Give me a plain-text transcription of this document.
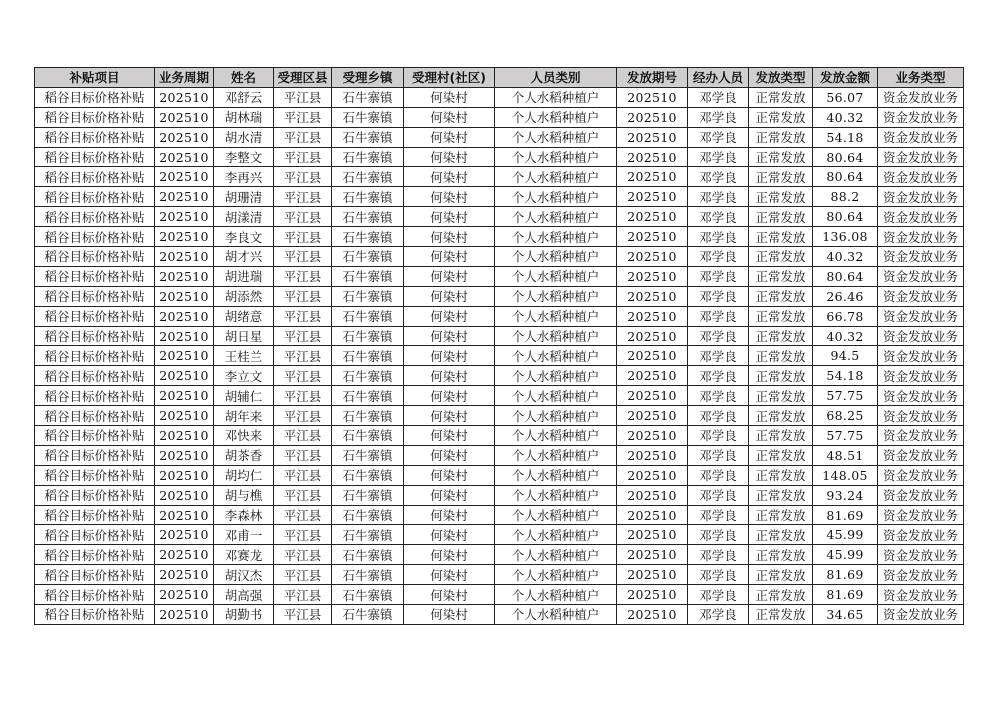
补贴项目	业务周期	姓名	受理区县	受理乡镇	受理村(社区)	人员类别	发放期号	经办人员	发放类型	发放金额	业务类型
稻谷目标价格补贴	202510	邓舒云	平江县	石牛寨镇	何染村	个人水稻种植户	202510	邓学良	正常发放	56.07	资金发放业务
稻谷目标价格补贴	202510	胡林瑞	平江县	石牛寨镇	何染村	个人水稻种植户	202510	邓学良	正常发放	40.32	资金发放业务
稻谷目标价格补贴	202510	胡水清	平江县	石牛寨镇	何染村	个人水稻种植户	202510	邓学良	正常发放	54.18	资金发放业务
稻谷目标价格补贴	202510	李整文	平江县	石牛寨镇	何染村	个人水稻种植户	202510	邓学良	正常发放	80.64	资金发放业务
稻谷目标价格补贴	202510	李再兴	平江县	石牛寨镇	何染村	个人水稻种植户	202510	邓学良	正常发放	80.64	资金发放业务
稻谷目标价格补贴	202510	胡珊清	平江县	石牛寨镇	何染村	个人水稻种植户	202510	邓学良	正常发放	88.2	资金发放业务
稻谷目标价格补贴	202510	胡漾清	平江县	石牛寨镇	何染村	个人水稻种植户	202510	邓学良	正常发放	80.64	资金发放业务
稻谷目标价格补贴	202510	李良文	平江县	石牛寨镇	何染村	个人水稻种植户	202510	邓学良	正常发放	136.08	资金发放业务
稻谷目标价格补贴	202510	胡才兴	平江县	石牛寨镇	何染村	个人水稻种植户	202510	邓学良	正常发放	40.32	资金发放业务
稻谷目标价格补贴	202510	胡进瑞	平江县	石牛寨镇	何染村	个人水稻种植户	202510	邓学良	正常发放	80.64	资金发放业务
稻谷目标价格补贴	202510	胡添然	平江县	石牛寨镇	何染村	个人水稻种植户	202510	邓学良	正常发放	26.46	资金发放业务
稻谷目标价格补贴	202510	胡绪意	平江县	石牛寨镇	何染村	个人水稻种植户	202510	邓学良	正常发放	66.78	资金发放业务
稻谷目标价格补贴	202510	胡日星	平江县	石牛寨镇	何染村	个人水稻种植户	202510	邓学良	正常发放	40.32	资金发放业务
稻谷目标价格补贴	202510	王桂兰	平江县	石牛寨镇	何染村	个人水稻种植户	202510	邓学良	正常发放	94.5	资金发放业务
稻谷目标价格补贴	202510	李立文	平江县	石牛寨镇	何染村	个人水稻种植户	202510	邓学良	正常发放	54.18	资金发放业务
稻谷目标价格补贴	202510	胡辅仁	平江县	石牛寨镇	何染村	个人水稻种植户	202510	邓学良	正常发放	57.75	资金发放业务
稻谷目标价格补贴	202510	胡年来	平江县	石牛寨镇	何染村	个人水稻种植户	202510	邓学良	正常发放	68.25	资金发放业务
稻谷目标价格补贴	202510	邓快来	平江县	石牛寨镇	何染村	个人水稻种植户	202510	邓学良	正常发放	57.75	资金发放业务
稻谷目标价格补贴	202510	胡茶香	平江县	石牛寨镇	何染村	个人水稻种植户	202510	邓学良	正常发放	48.51	资金发放业务
稻谷目标价格补贴	202510	胡均仁	平江县	石牛寨镇	何染村	个人水稻种植户	202510	邓学良	正常发放	148.05	资金发放业务
稻谷目标价格补贴	202510	胡与樵	平江县	石牛寨镇	何染村	个人水稻种植户	202510	邓学良	正常发放	93.24	资金发放业务
稻谷目标价格补贴	202510	李森林	平江县	石牛寨镇	何染村	个人水稻种植户	202510	邓学良	正常发放	81.69	资金发放业务
稻谷目标价格补贴	202510	邓甫一	平江县	石牛寨镇	何染村	个人水稻种植户	202510	邓学良	正常发放	45.99	资金发放业务
稻谷目标价格补贴	202510	邓赛龙	平江县	石牛寨镇	何染村	个人水稻种植户	202510	邓学良	正常发放	45.99	资金发放业务
稻谷目标价格补贴	202510	胡汉杰	平江县	石牛寨镇	何染村	个人水稻种植户	202510	邓学良	正常发放	81.69	资金发放业务
稻谷目标价格补贴	202510	胡高强	平江县	石牛寨镇	何染村	个人水稻种植户	202510	邓学良	正常发放	81.69	资金发放业务
稻谷目标价格补贴	202510	胡勤书	平江县	石牛寨镇	何染村	个人水稻种植户	202510	邓学良	正常发放	34.65	资金发放业务
